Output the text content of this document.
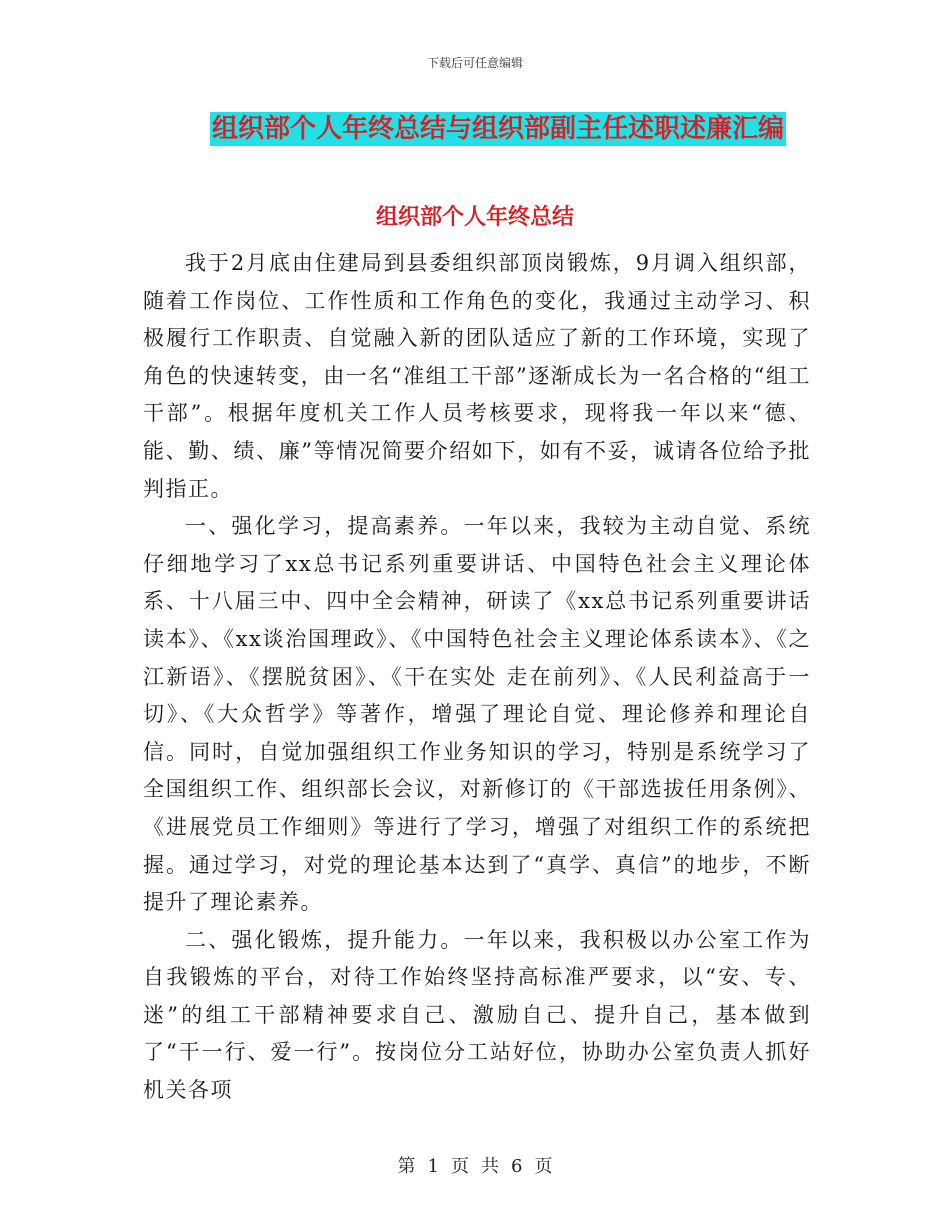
下载后可任意编辑
组织部个人年终总结与组织部副主任述职述廉汇编
组织部个人年终总结

我于2月底由住建局到县委组织部顶岗锻炼，9月调入组织部，随着工作岗位、工作性质和工作角色的变化，我通过主动学习、积极履行工作职责、自觉融入新的团队适应了新的工作环境，实现了角色的快速转变，由一名“准组工干部”逐渐成长为一名合格的“组工干部”。根据年度机关工作人员考核要求，现将我一年以来“德、能、勤、绩、廉”等情况简要介绍如下，如有不妥，诚请各位给予批判指正。

一、强化学习，提高素养。一年以来，我较为主动自觉、系统仔细地学习了xx总书记系列重要讲话、中国特色社会主义理论体系、十八届三中、四中全会精神，研读了《xx总书记系列重要讲话读本》、《xx谈治国理政》、《中国特色社会主义理论体系读本》、《之江新语》、《摆脱贫困》、《干在实处 走在前列》、《人民利益高于一切》、《大众哲学》等著作，增强了理论自觉、理论修养和理论自信。同时，自觉加强组织工作业务知识的学习，特别是系统学习了全国组织工作、组织部长会议，对新修订的《干部选拔任用条例》、《进展党员工作细则》等进行了学习，增强了对组织工作的系统把握。通过学习，对党的理论基本达到了“真学、真信”的地步，不断提升了理论素养。

二、强化锻炼，提升能力。一年以来，我积极以办公室工作为自我锻炼的平台，对待工作始终坚持高标准严要求，以“安、专、迷”的组工干部精神要求自己、激励自己、提升自己，基本做到了“干一行、爱一行”。按岗位分工站好位，协助办公室负责人抓好机关各项

第 1 页 共 6 页
